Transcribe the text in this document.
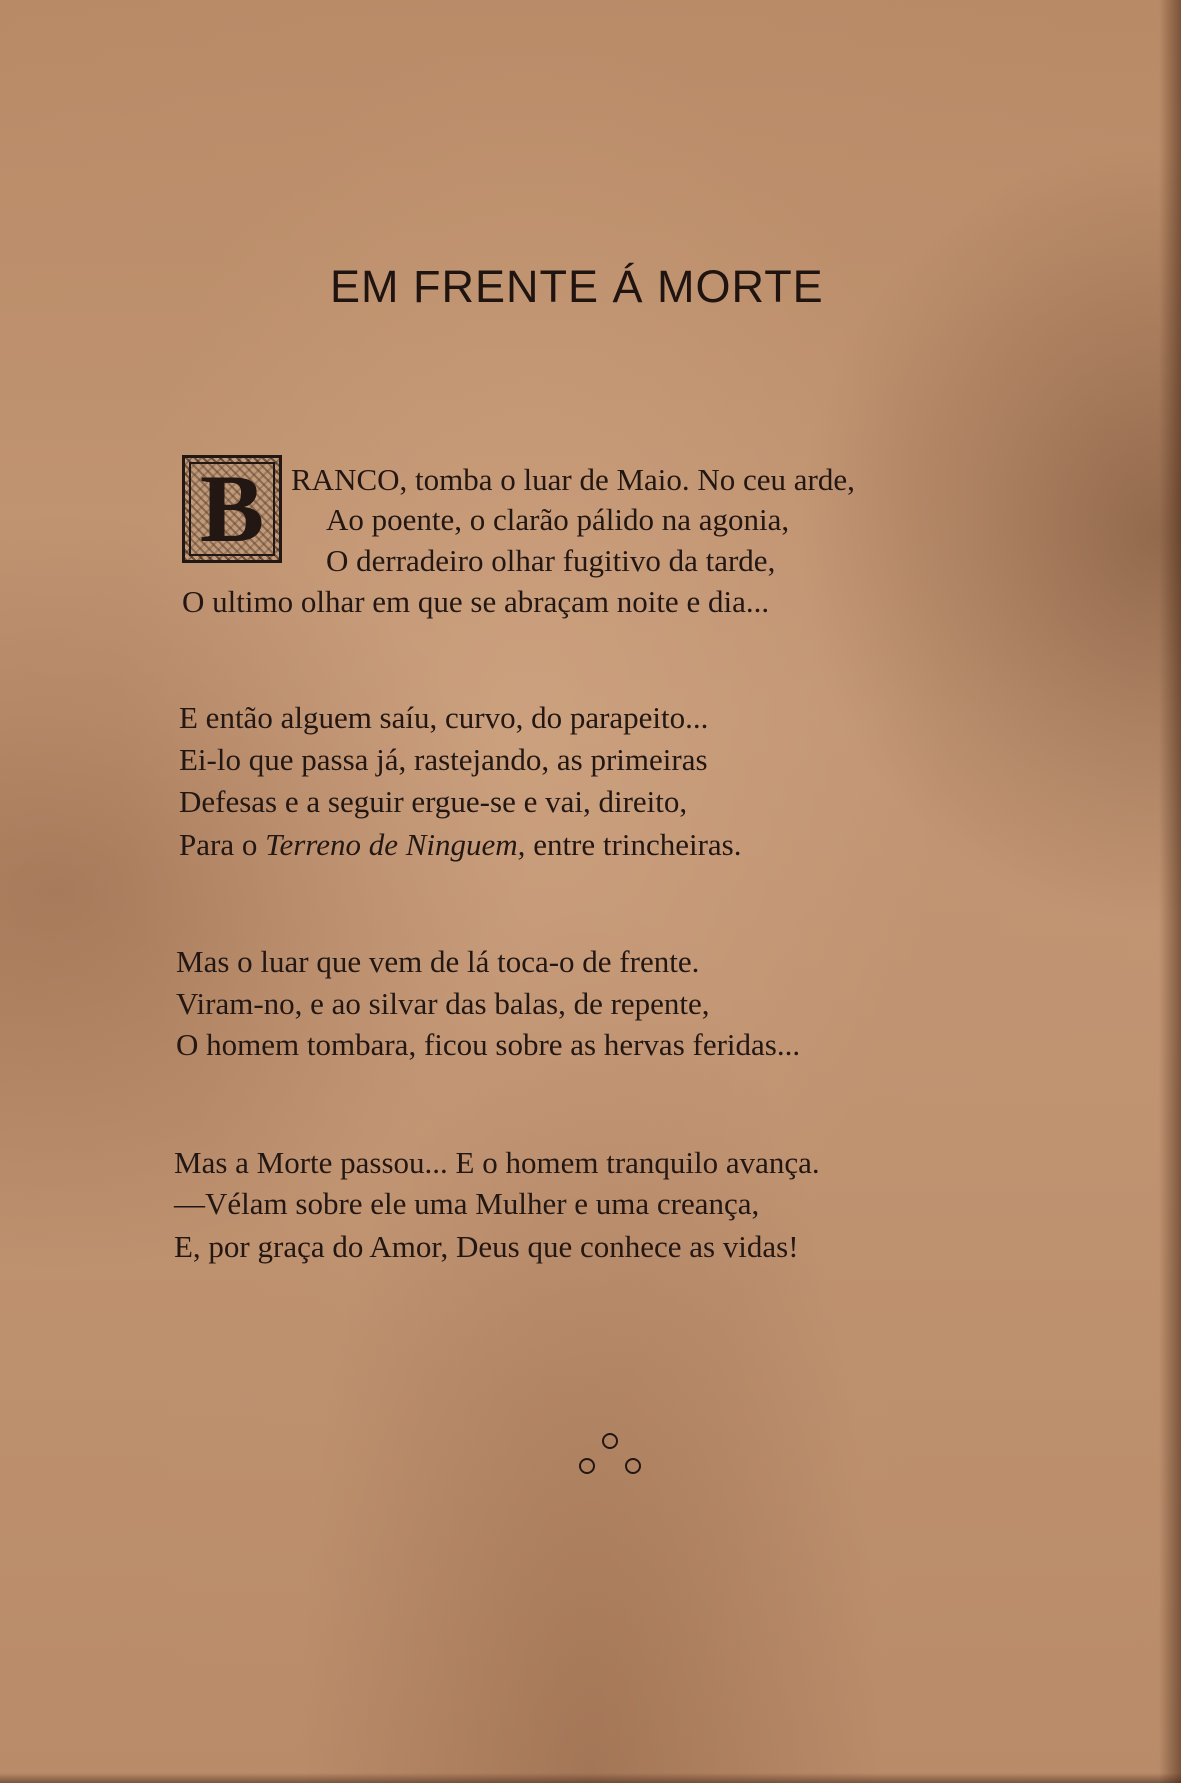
EM FRENTE Á MORTE
B RANCO, tomba o luar de Maio. No ceu arde,

Ao poente, o clarão pálido na agonia,

O derradeiro olhar fugitivo da tarde,

O ultimo olhar em que se abraçam noite e dia...

E então alguem saíu, curvo, do parapeito...

Ei-lo que passa já, rastejando, as primeiras

Defesas e a seguir ergue-se e vai, direito,

Para o Terreno de Ninguem, entre trincheiras.

Mas o luar que vem de lá toca-o de frente.

Viram-no, e ao silvar das balas, de repente,

O homem tombara, ficou sobre as hervas feridas...

Mas a Morte passou... E o homem tranquilo avança.

—Vélam sobre ele uma Mulher e uma creança,

E, por graça do Amor, Deus que conhece as vidas!
